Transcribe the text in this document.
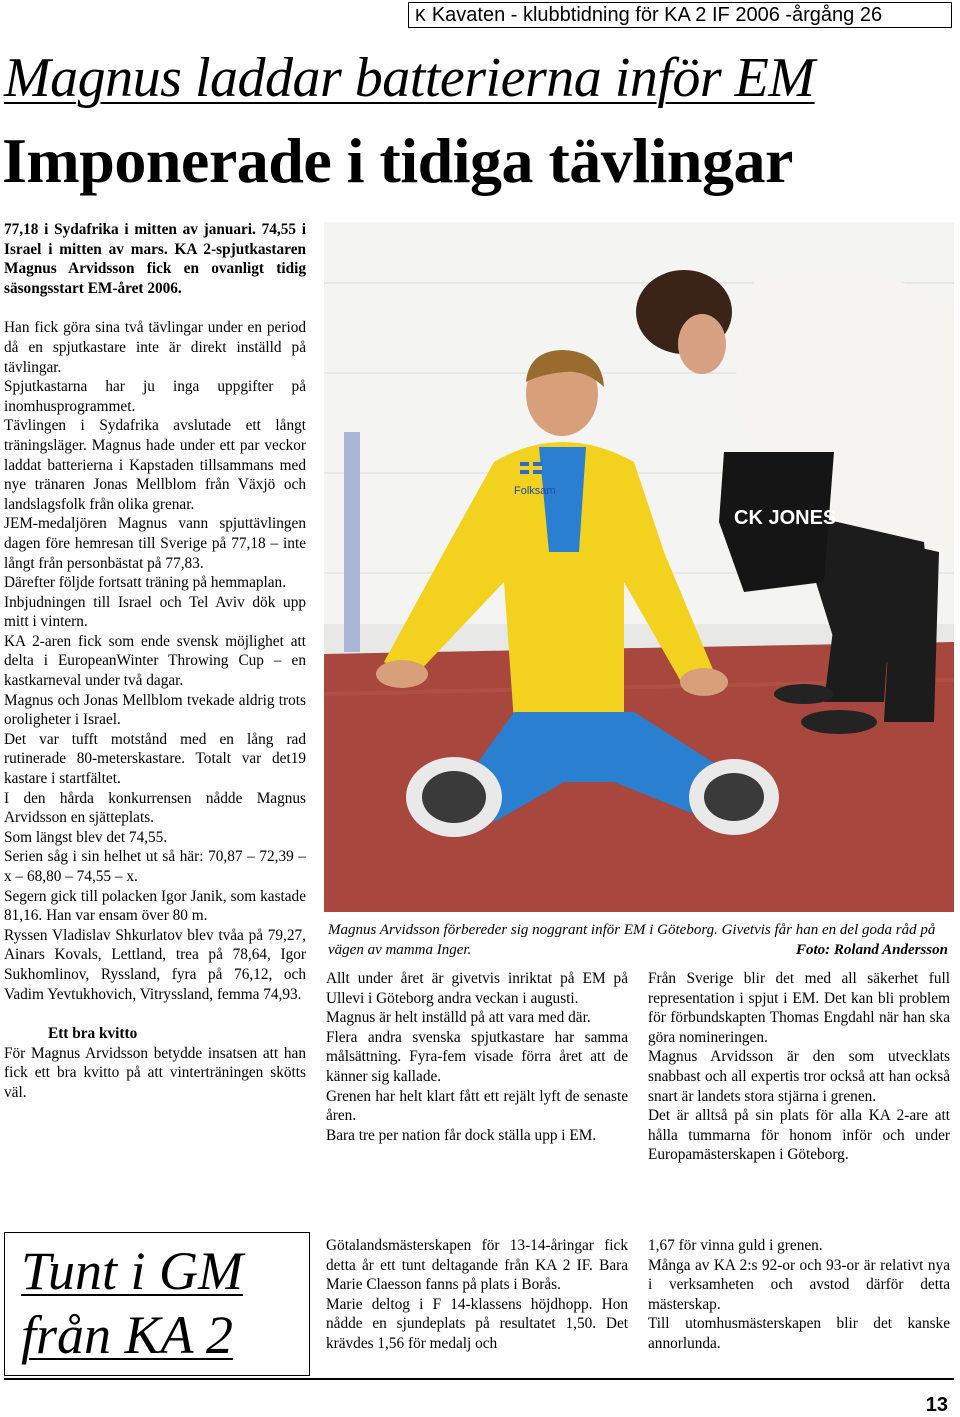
K Kavaten - klubbtidning för KA 2 IF 2006 -årgång 26
Magnus laddar batterierna inför EM
Imponerade i tidiga tävlingar

77,18 i Sydafrika i mitten av januari. 74,55 i Israel i mitten av mars. KA 2-spjutkastaren Magnus Arvidsson fick en ovanligt tidig säsongsstart EM-året 2006.

Han fick göra sina två tävlingar under en period då en spjutkastare inte är direkt inställd på tävlingar.

Spjutkastarna har ju inga uppgifter på inomhusprogrammet.

Tävlingen i Sydafrika avslutade ett långt träningsläger. Magnus hade under ett par veckor laddat batterierna i Kapstaden tillsammans med nye tränaren Jonas Mellblom från Växjö och landslagsfolk från olika grenar.

JEM-medaljören Magnus vann spjuttävlingen dagen före hemresan till Sverige på 77,18 – inte långt från personbästat på 77,83.

Därefter följde fortsatt träning på hemmaplan.

Inbjudningen till Israel och Tel Aviv dök upp mitt i vintern.

KA 2-aren fick som ende svensk möjlighet att delta i EuropeanWinter Throwing Cup – en kastkarneval under två dagar.

Magnus och Jonas Mellblom tvekade aldrig trots oroligheter i Israel.

Det var tufft motstånd med en lång rad rutinerade 80-meterskastare. Totalt var det19 kastare i startfältet.

I den hårda konkurrensen nådde Magnus Arvidsson en sjätteplats.

Som längst blev det 74,55.

Serien såg i sin helhet ut så här: 70,87 – 72,39 – x – 68,80 – 74,55 – x.

Segern gick till polacken Igor Janik, som kastade 81,16. Han var ensam över 80 m.

Ryssen Vladislav Shkurlatov blev tvåa på 79,27, Ainars Kovals, Lettland, trea på 78,64, Igor Sukhomlinov, Ryssland, fyra på 76,12, och Vadim Yevtukhovich, Vitryssland, femma 74,93.

Ett bra kvitto

För Magnus Arvidsson betydde insatsen att han fick ett bra kvitto på att vinterträningen skötts väl.

CK JONES
Folksam
Magnus Arvidsson förbereder sig noggrant inför EM i Göteborg. Givetvis får han en del goda råd på vägen av mamma Inger.	Foto: Roland Andersson

Allt under året är givetvis inriktat på EM på Ullevi i Göteborg andra veckan i augusti.

Magnus är helt inställd på att vara med där.

Flera andra svenska spjutkastare har samma målsättning. Fyra-fem visade förra året att de känner sig kallade.

Grenen har helt klart fått ett rejält lyft de senaste åren.

Bara tre per nation får dock ställa upp i EM.

Från Sverige blir det med all säkerhet full representation i spjut i EM. Det kan bli problem för förbundskapten Thomas Engdahl när han ska göra nomineringen.

Magnus Arvidsson är den som utvecklats snabbast och all expertis tror också att han också snart är landets stora stjärna i grenen.

Det är alltså på sin plats för alla KA 2-are att hålla tummarna för honom inför och under Europamästerskapen i Göteborg.

Tunt i GM
från KA 2

Götalandsmästerskapen för 13-14-åringar fick detta år ett tunt deltagande från KA 2 IF. Bara Marie Claesson fanns på plats i Borås.

Marie deltog i F 14-klassens höjdhopp. Hon nådde en sjundeplats på resultatet 1,50. Det krävdes 1,56 för medalj och

1,67 för vinna guld i grenen.

Många av KA 2:s 92-or och 93-or är relativt nya i verksamheten och avstod därför detta mästerskap.

Till utomhusmästerskapen blir det kanske annorlunda.

13
